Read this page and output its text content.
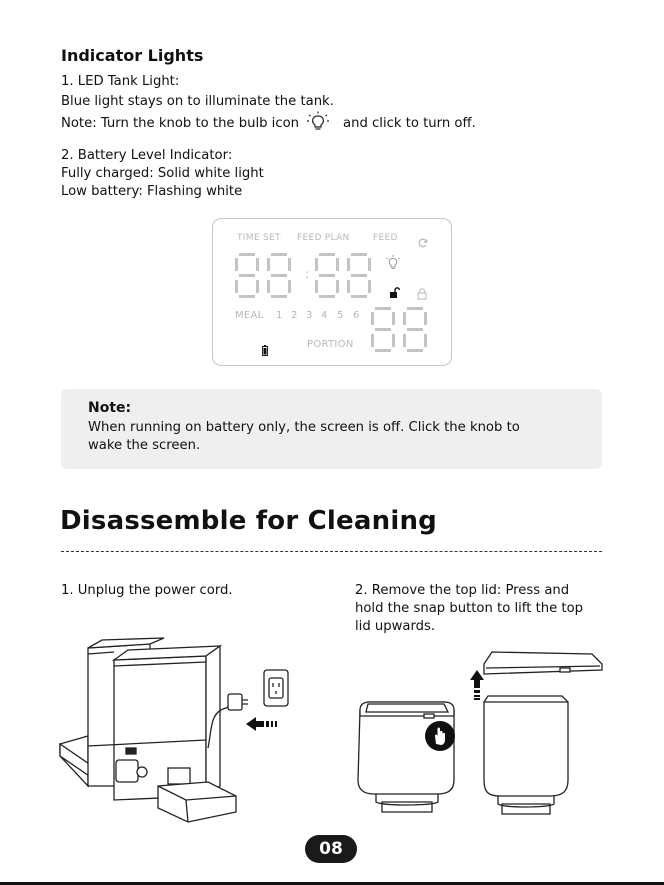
Indicator Lights
1. LED Tank Light:
Blue light stays on to illuminate the tank.
Note: Turn the knob to the bulb icon	and click to turn off.
2. Battery Level Indicator:
Fully charged: Solid white light
Low battery: Flashing white
TIME SET FEED PLAN	FEED
:
MEAL 1 2 3 4 5 6
PORTION
Note:
When running on battery only, the screen is off. Click the knob to
wake the screen.
Disassemble for Cleaning
1. Unplug the power cord.	2. Remove the top lid: Press and
hold the snap button to lift the top
lid upwards.
08
